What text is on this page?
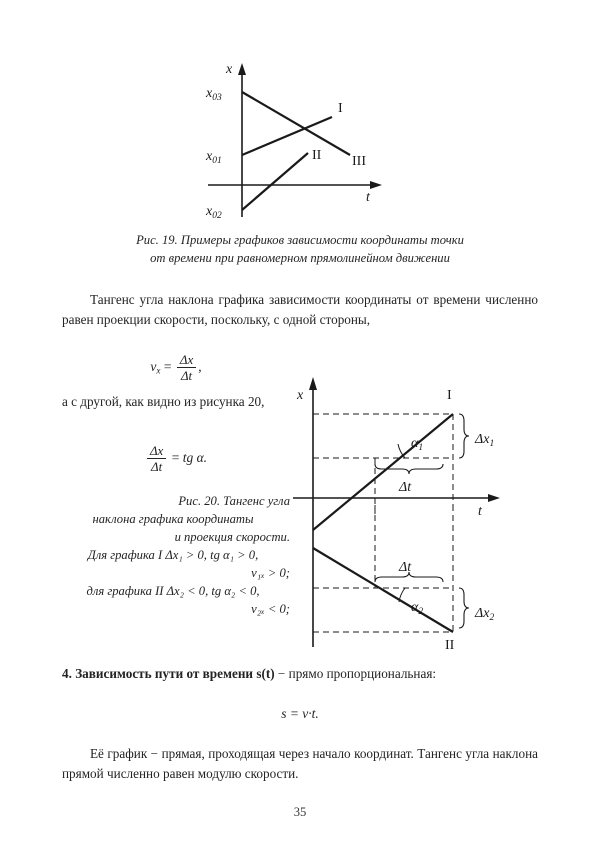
x
t
$x_{03}$
$x_{01}$
$x_{02}$
I
II III
Рис. 19. Примеры графиков зависимости координаты точки
от времени при равномерном прямолинейном движении
Тангенс угла наклона графика зависимости координаты от времени численно равен проекции скорости, поскольку, с одной стороны,
$v_x = \frac{\Delta x}{\Delta t}$ ,
а с другой, как видно из рисунка 20,
$\frac{\Delta x}{\Delta t}$ = tg α.
x
t
I
$\alpha_1$
$\Delta x_1$
Δt
Δt
$\alpha_2$	$\Delta x_2$
II
Рис. 20. Тангенс угла
наклона графика координаты
и проекция скорости.
Для графика I Δx₁ > 0, tg α₁ > 0,
v₁ₓ > 0;
для графика II Δx₂ < 0, tg α₂ < 0,
v₂ₓ < 0;
4. Зависимость пути от времени s(t) − прямо пропорциональная:
s = v·t.
Её график − прямая, проходящая через начало координат. Тангенс угла наклона прямой численно равен модулю скорости.
35
